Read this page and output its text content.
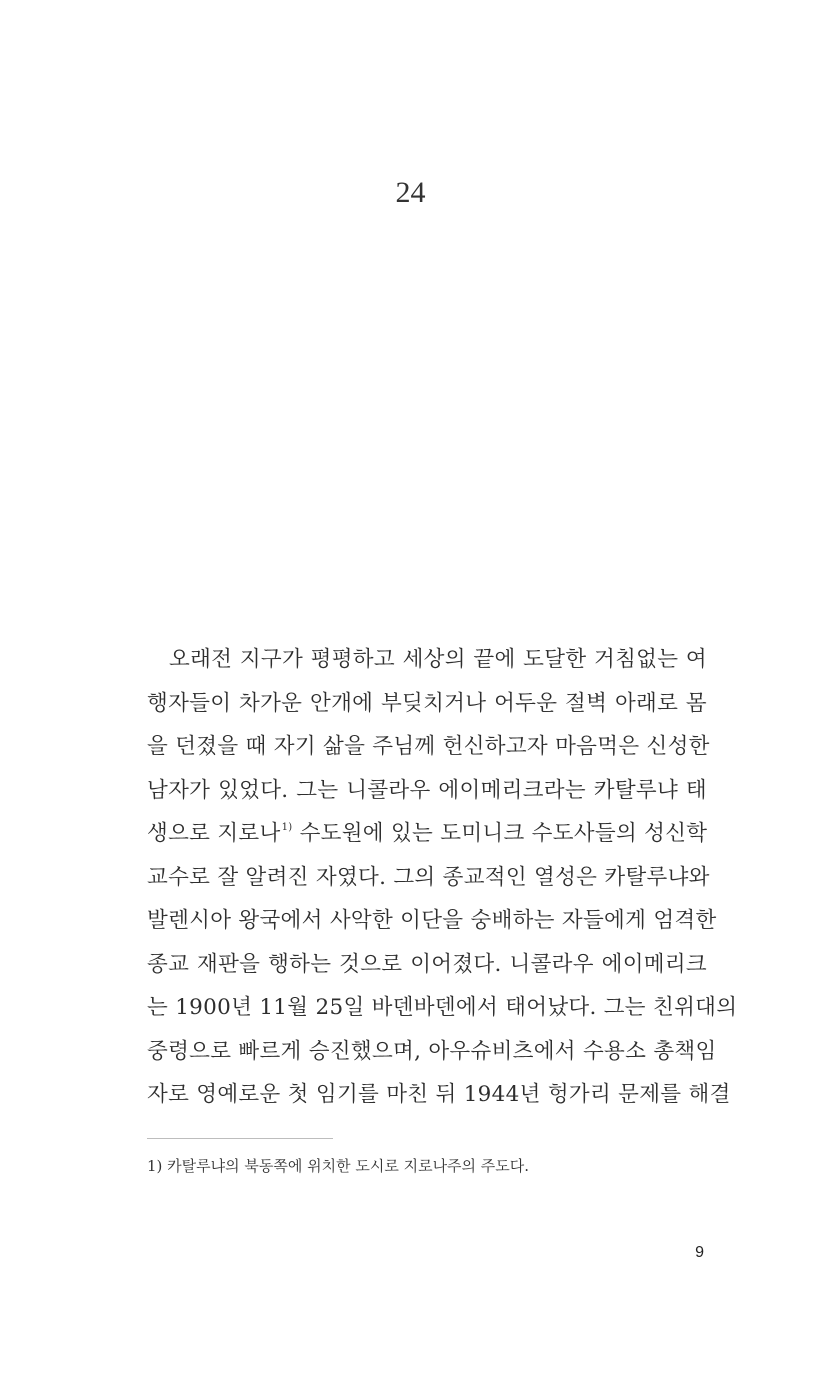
24
오래전 지구가 평평하고 세상의 끝에 도달한 거침없는 여
행자들이 차가운 안개에 부딪치거나 어두운 절벽 아래로 몸
을 던졌을 때 자기 삶을 주님께 헌신하고자 마음먹은 신성한
남자가 있었다. 그는 니콜라우 에이메리크라는 카탈루냐 태
생으로 지로나$^{1)}$ 수도원에 있는 도미니크 수도사들의 성신학
교수로 잘 알려진 자였다. 그의 종교적인 열성은 카탈루냐와
발렌시아 왕국에서 사악한 이단을 숭배하는 자들에게 엄격한
종교 재판을 행하는 것으로 이어졌다. 니콜라우 에이메리크
는 1900년 11월 25일 바덴바덴에서 태어났다. 그는 친위대의
중령으로 빠르게 승진했으며, 아우슈비츠에서 수용소 총책임
자로 영예로운 첫 임기를 마친 뒤 1944년 헝가리 문제를 해결
1) 카탈루냐의 북동쪽에 위치한 도시로 지로나주의 주도다.
9
